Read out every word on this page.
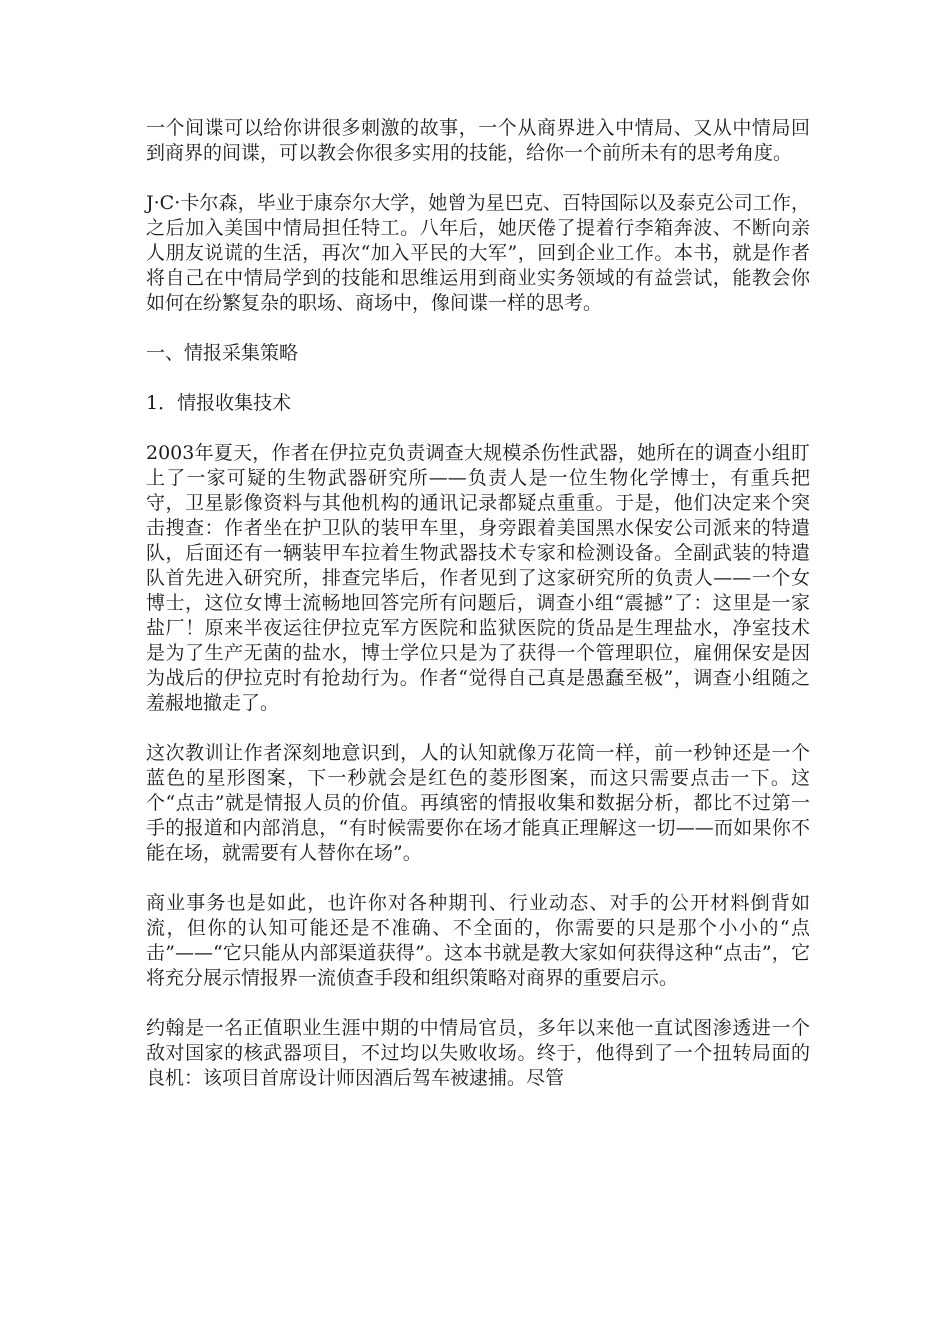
一个间谍可以给你讲很多刺激的故事，一个从商界进入中情局、又从中情局回到商界的间谍，可以教会你很多实用的技能，给你一个前所未有的思考角度。

J·C·卡尔森，毕业于康奈尔大学，她曾为星巴克、百特国际以及泰克公司工作，之后加入美国中情局担任特工。八年后，她厌倦了提着行李箱奔波、不断向亲人朋友说谎的生活，再次“加入平民的大军”，回到企业工作。本书，就是作者将自己在中情局学到的技能和思维运用到商业实务领域的有益尝试，能教会你如何在纷繁复杂的职场、商场中，像间谍一样的思考。

一、情报采集策略

1．情报收集技术

2003年夏天，作者在伊拉克负责调查大规模杀伤性武器，她所在的调查小组盯上了一家可疑的生物武器研究所——负责人是一位生物化学博士，有重兵把守，卫星影像资料与其他机构的通讯记录都疑点重重。于是，他们决定来个突击搜查：作者坐在护卫队的装甲车里，身旁跟着美国黑水保安公司派来的特遣队，后面还有一辆装甲车拉着生物武器技术专家和检测设备。全副武装的特遣队首先进入研究所，排查完毕后，作者见到了这家研究所的负责人——一个女博士，这位女博士流畅地回答完所有问题后，调查小组“震撼”了：这里是一家盐厂！原来半夜运往伊拉克军方医院和监狱医院的货品是生理盐水，净室技术是为了生产无菌的盐水，博士学位只是为了获得一个管理职位，雇佣保安是因为战后的伊拉克时有抢劫行为。作者“觉得自己真是愚蠢至极”，调查小组随之羞赧地撤走了。

这次教训让作者深刻地意识到，人的认知就像万花筒一样，前一秒钟还是一个蓝色的星形图案，下一秒就会是红色的菱形图案，而这只需要点击一下。这个“点击”就是情报人员的价值。再缜密的情报收集和数据分析，都比不过第一手的报道和内部消息，“有时候需要你在场才能真正理解这一切——而如果你不能在场，就需要有人替你在场”。

商业事务也是如此，也许你对各种期刊、行业动态、对手的公开材料倒背如流，但你的认知可能还是不准确、不全面的，你需要的只是那个小小的“点击”——“它只能从内部渠道获得”。这本书就是教大家如何获得这种“点击”，它将充分展示情报界一流侦查手段和组织策略对商界的重要启示。

约翰是一名正值职业生涯中期的中情局官员，多年以来他一直试图渗透进一个敌对国家的核武器项目，不过均以失败收场。终于，他得到了一个扭转局面的良机：该项目首席设计师因酒后驾车被逮捕。尽管
